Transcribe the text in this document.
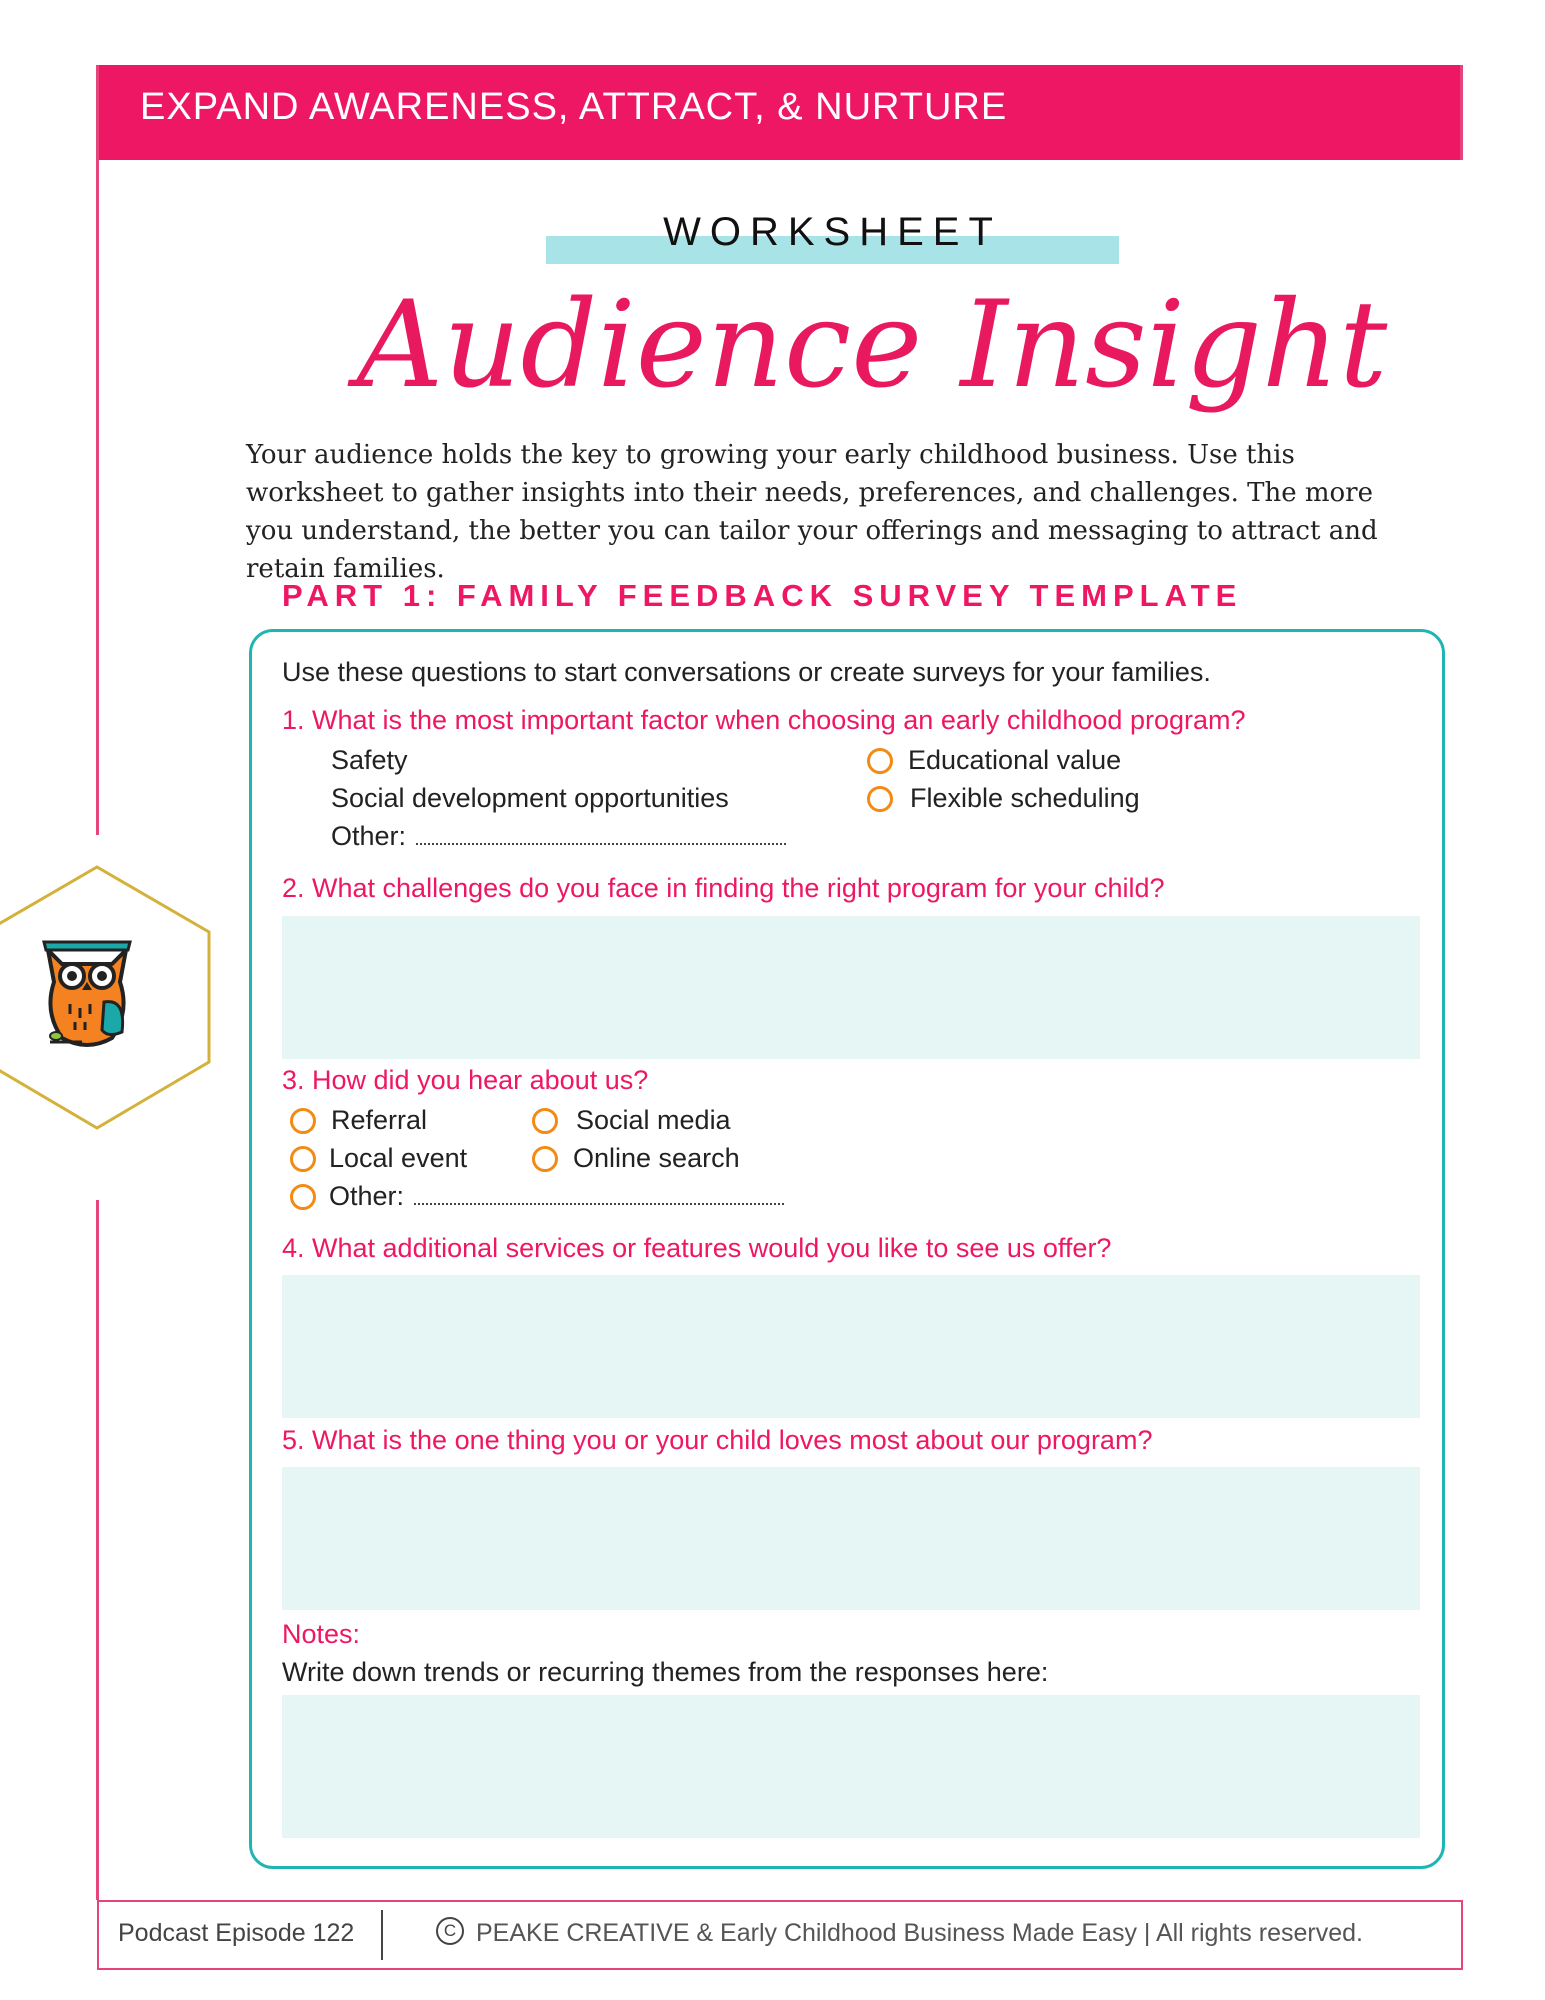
EXPAND AWARENESS, ATTRACT, & NURTURE
WORKSHEET
Audience Insight
Your audience holds the key to growing your early childhood business. Use this worksheet to gather insights into their needs, preferences, and challenges. The more you understand, the better you can tailor your offerings and messaging to attract and retain families.
PART 1: FAMILY FEEDBACK SURVEY TEMPLATE
Use these questions to start conversations or create surveys for your families.
1. What is the most important factor when choosing an early childhood program?
Safety	Educational value
Social development opportunities	Flexible scheduling
Other:
2. What challenges do you face in finding the right program for your child?
3. How did you hear about us?
Referral	Social media
Local event	Online search
Other:
4. What additional services or features would you like to see us offer?
5. What is the one thing you or your child loves most about our program?
Notes:
Write down trends or recurring themes from the responses here:
Podcast Episode 122	C PEAKE CREATIVE & Early Childhood Business Made Easy | All rights reserved.
